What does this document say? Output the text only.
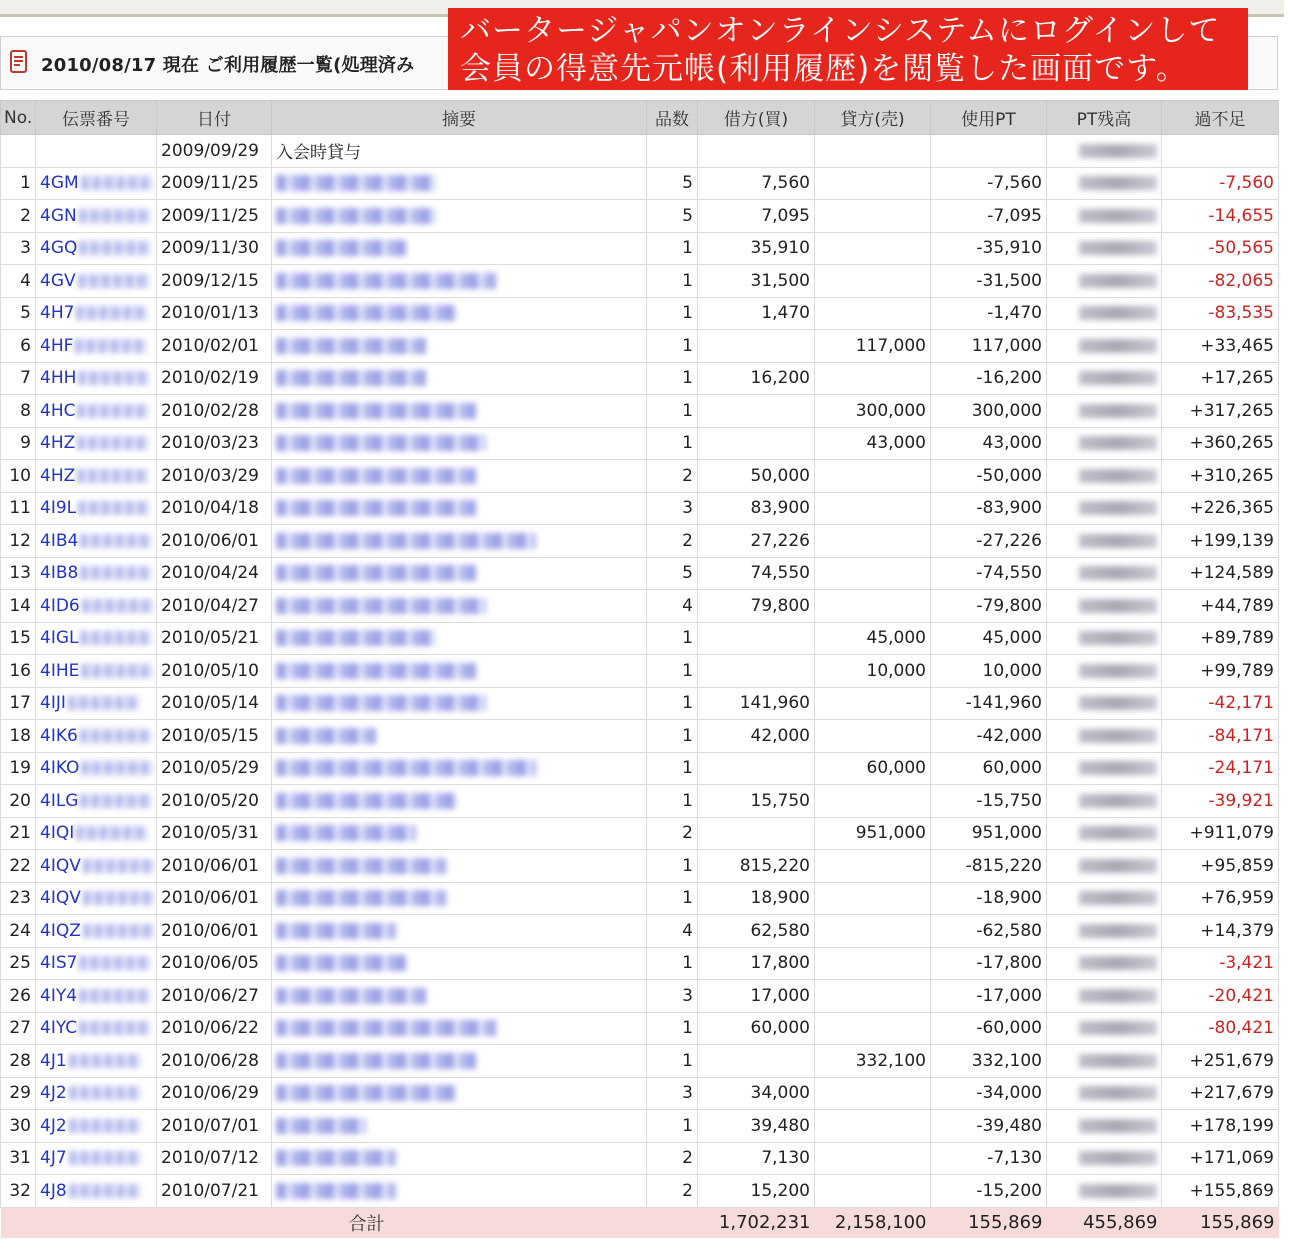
2010/08/17 現在 ご利用履歴一覧(処理済み
バータージャパンオンラインシステムにログインして
会員の得意先元帳(利用履歴)を閲覧した画面です。
No.	伝票番号	日付	摘要	品数	借方(買)	貸方(売)	使用PT	PT残高	過不足
		2009/09/29	入会時貸与						
1	4GM	2009/11/25		5	7,560		-7,560		-7,560
2	4GN	2009/11/25		5	7,095		-7,095		-14,655
3	4GQ	2009/11/30		1	35,910		-35,910		-50,565
4	4GV	2009/12/15		1	31,500		-31,500		-82,065
5	4H7	2010/01/13		1	1,470		-1,470		-83,535
6	4HF	2010/02/01		1		117,000	117,000		+33,465
7	4HH	2010/02/19		1	16,200		-16,200		+17,265
8	4HC	2010/02/28		1		300,000	300,000		+317,265
9	4HZ	2010/03/23		1		43,000	43,000		+360,265
10	4HZ	2010/03/29		2	50,000		-50,000		+310,265
11	4I9L	2010/04/18		3	83,900		-83,900		+226,365
12	4IB4	2010/06/01		2	27,226		-27,226		+199,139
13	4IB8	2010/04/24		5	74,550		-74,550		+124,589
14	4ID6	2010/04/27		4	79,800		-79,800		+44,789
15	4IGL	2010/05/21		1		45,000	45,000		+89,789
16	4IHE	2010/05/10		1		10,000	10,000		+99,789
17	4IJI	2010/05/14		1	141,960		-141,960		-42,171
18	4IK6	2010/05/15		1	42,000		-42,000		-84,171
19	4IKO	2010/05/29		1		60,000	60,000		-24,171
20	4ILG	2010/05/20		1	15,750		-15,750		-39,921
21	4IQI	2010/05/31		2		951,000	951,000		+911,079
22	4IQV	2010/06/01		1	815,220		-815,220		+95,859
23	4IQV	2010/06/01		1	18,900		-18,900		+76,959
24	4IQZ	2010/06/01		4	62,580		-62,580		+14,379
25	4IS7	2010/06/05		1	17,800		-17,800		-3,421
26	4IY4	2010/06/27		3	17,000		-17,000		-20,421
27	4IYC	2010/06/22		1	60,000		-60,000		-80,421
28	4J1	2010/06/28		1		332,100	332,100		+251,679
29	4J2	2010/06/29		3	34,000		-34,000		+217,679
30	4J2	2010/07/01		1	39,480		-39,480		+178,199
31	4J7	2010/07/12		2	7,130		-7,130		+171,069
32	4J8	2010/07/21		2	15,200		-15,200		+155,869
合計					1,702,231	2,158,100	155,869	455,869	155,869
